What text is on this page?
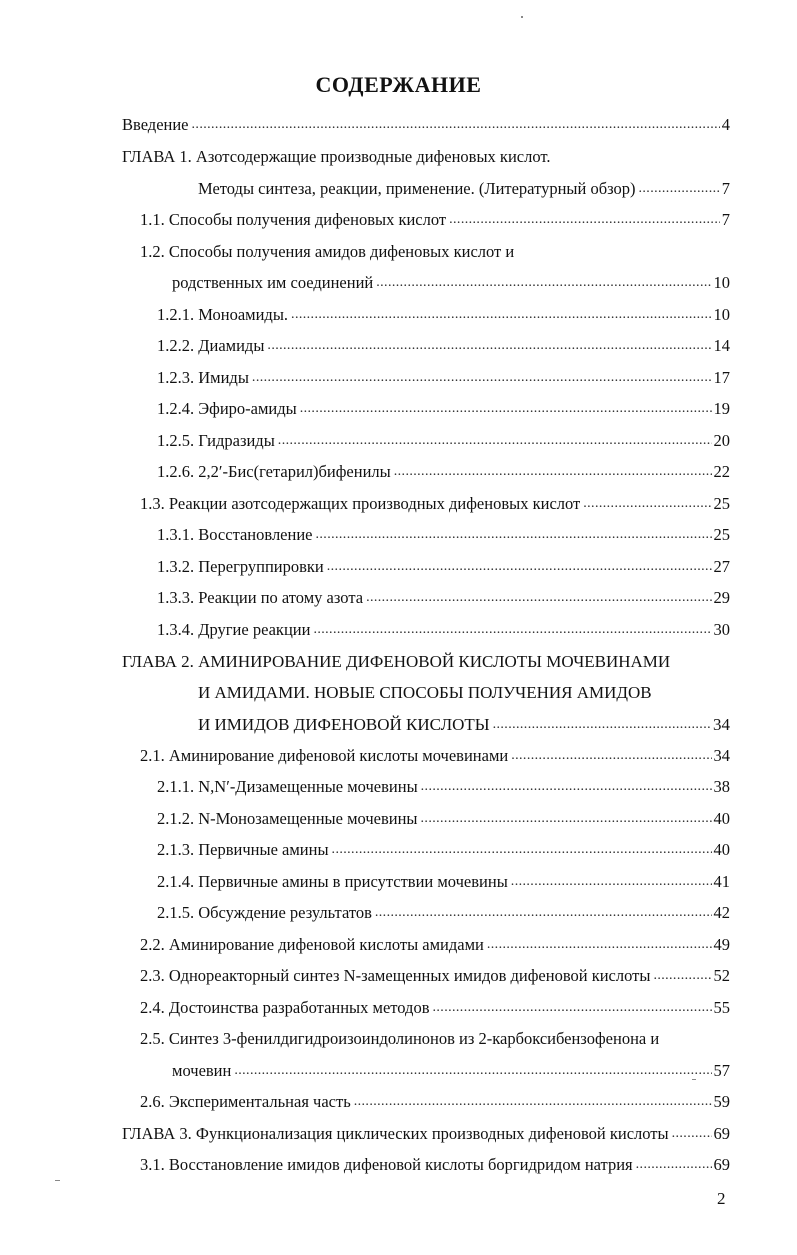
СОДЕРЖАНИЕ
Введение .....	4
ГЛАВА 1. Азотсодержащие производные дифеновых кислот.
Методы синтеза, реакции, применение. (Литературный обзор) .....	7
1.1. Способы получения дифеновых кислот .....	7
1.2. Способы получения амидов дифеновых кислот и
родственных им соединений .....	10
1.2.1. Моноамиды. .....	10
1.2.2. Диамиды .....	14
1.2.3. Имиды .....	17
1.2.4. Эфиро-амиды .....	19
1.2.5. Гидразиды .....	20
1.2.6. 2,2′-Бис(гетарил)бифенилы .....	22
1.3. Реакции азотсодержащих производных дифеновых кислот .....	25
1.3.1. Восстановление .....	25
1.3.2. Перегруппировки .....	27
1.3.3. Реакции по атому азота .....	29
1.3.4. Другие реакции .....	30
ГЛАВА 2. АМИНИРОВАНИЕ ДИФЕНОВОЙ КИСЛОТЫ МОЧЕВИНАМИ
И АМИДАМИ. НОВЫЕ СПОСОБЫ ПОЛУЧЕНИЯ АМИДОВ
И ИМИДОВ ДИФЕНОВОЙ КИСЛОТЫ .....	34
2.1. Аминирование дифеновой кислоты мочевинами .....	34
2.1.1. N,N′-Дизамещенные мочевины .....	38
2.1.2. N-Монозамещенные мочевины .....	40
2.1.3. Первичные амины .....	40
2.1.4. Первичные амины в присутствии мочевины .....	41
2.1.5. Обсуждение результатов .....	42
2.2. Аминирование дифеновой кислоты амидами .....	49
2.3. Однореакторный синтез N-замещенных имидов дифеновой кислоты .....	52
2.4. Достоинства разработанных методов .....	55
2.5. Синтез 3-фенилдигидроизоиндолинонов из 2-карбоксибензофенона и
мочевин .....	57
2.6. Экспериментальная часть .....	59
ГЛАВА 3. Функционализация циклических производных дифеновой кислоты .....	69
3.1. Восстановление имидов дифеновой кислоты боргидридом натрия .....	69
2
